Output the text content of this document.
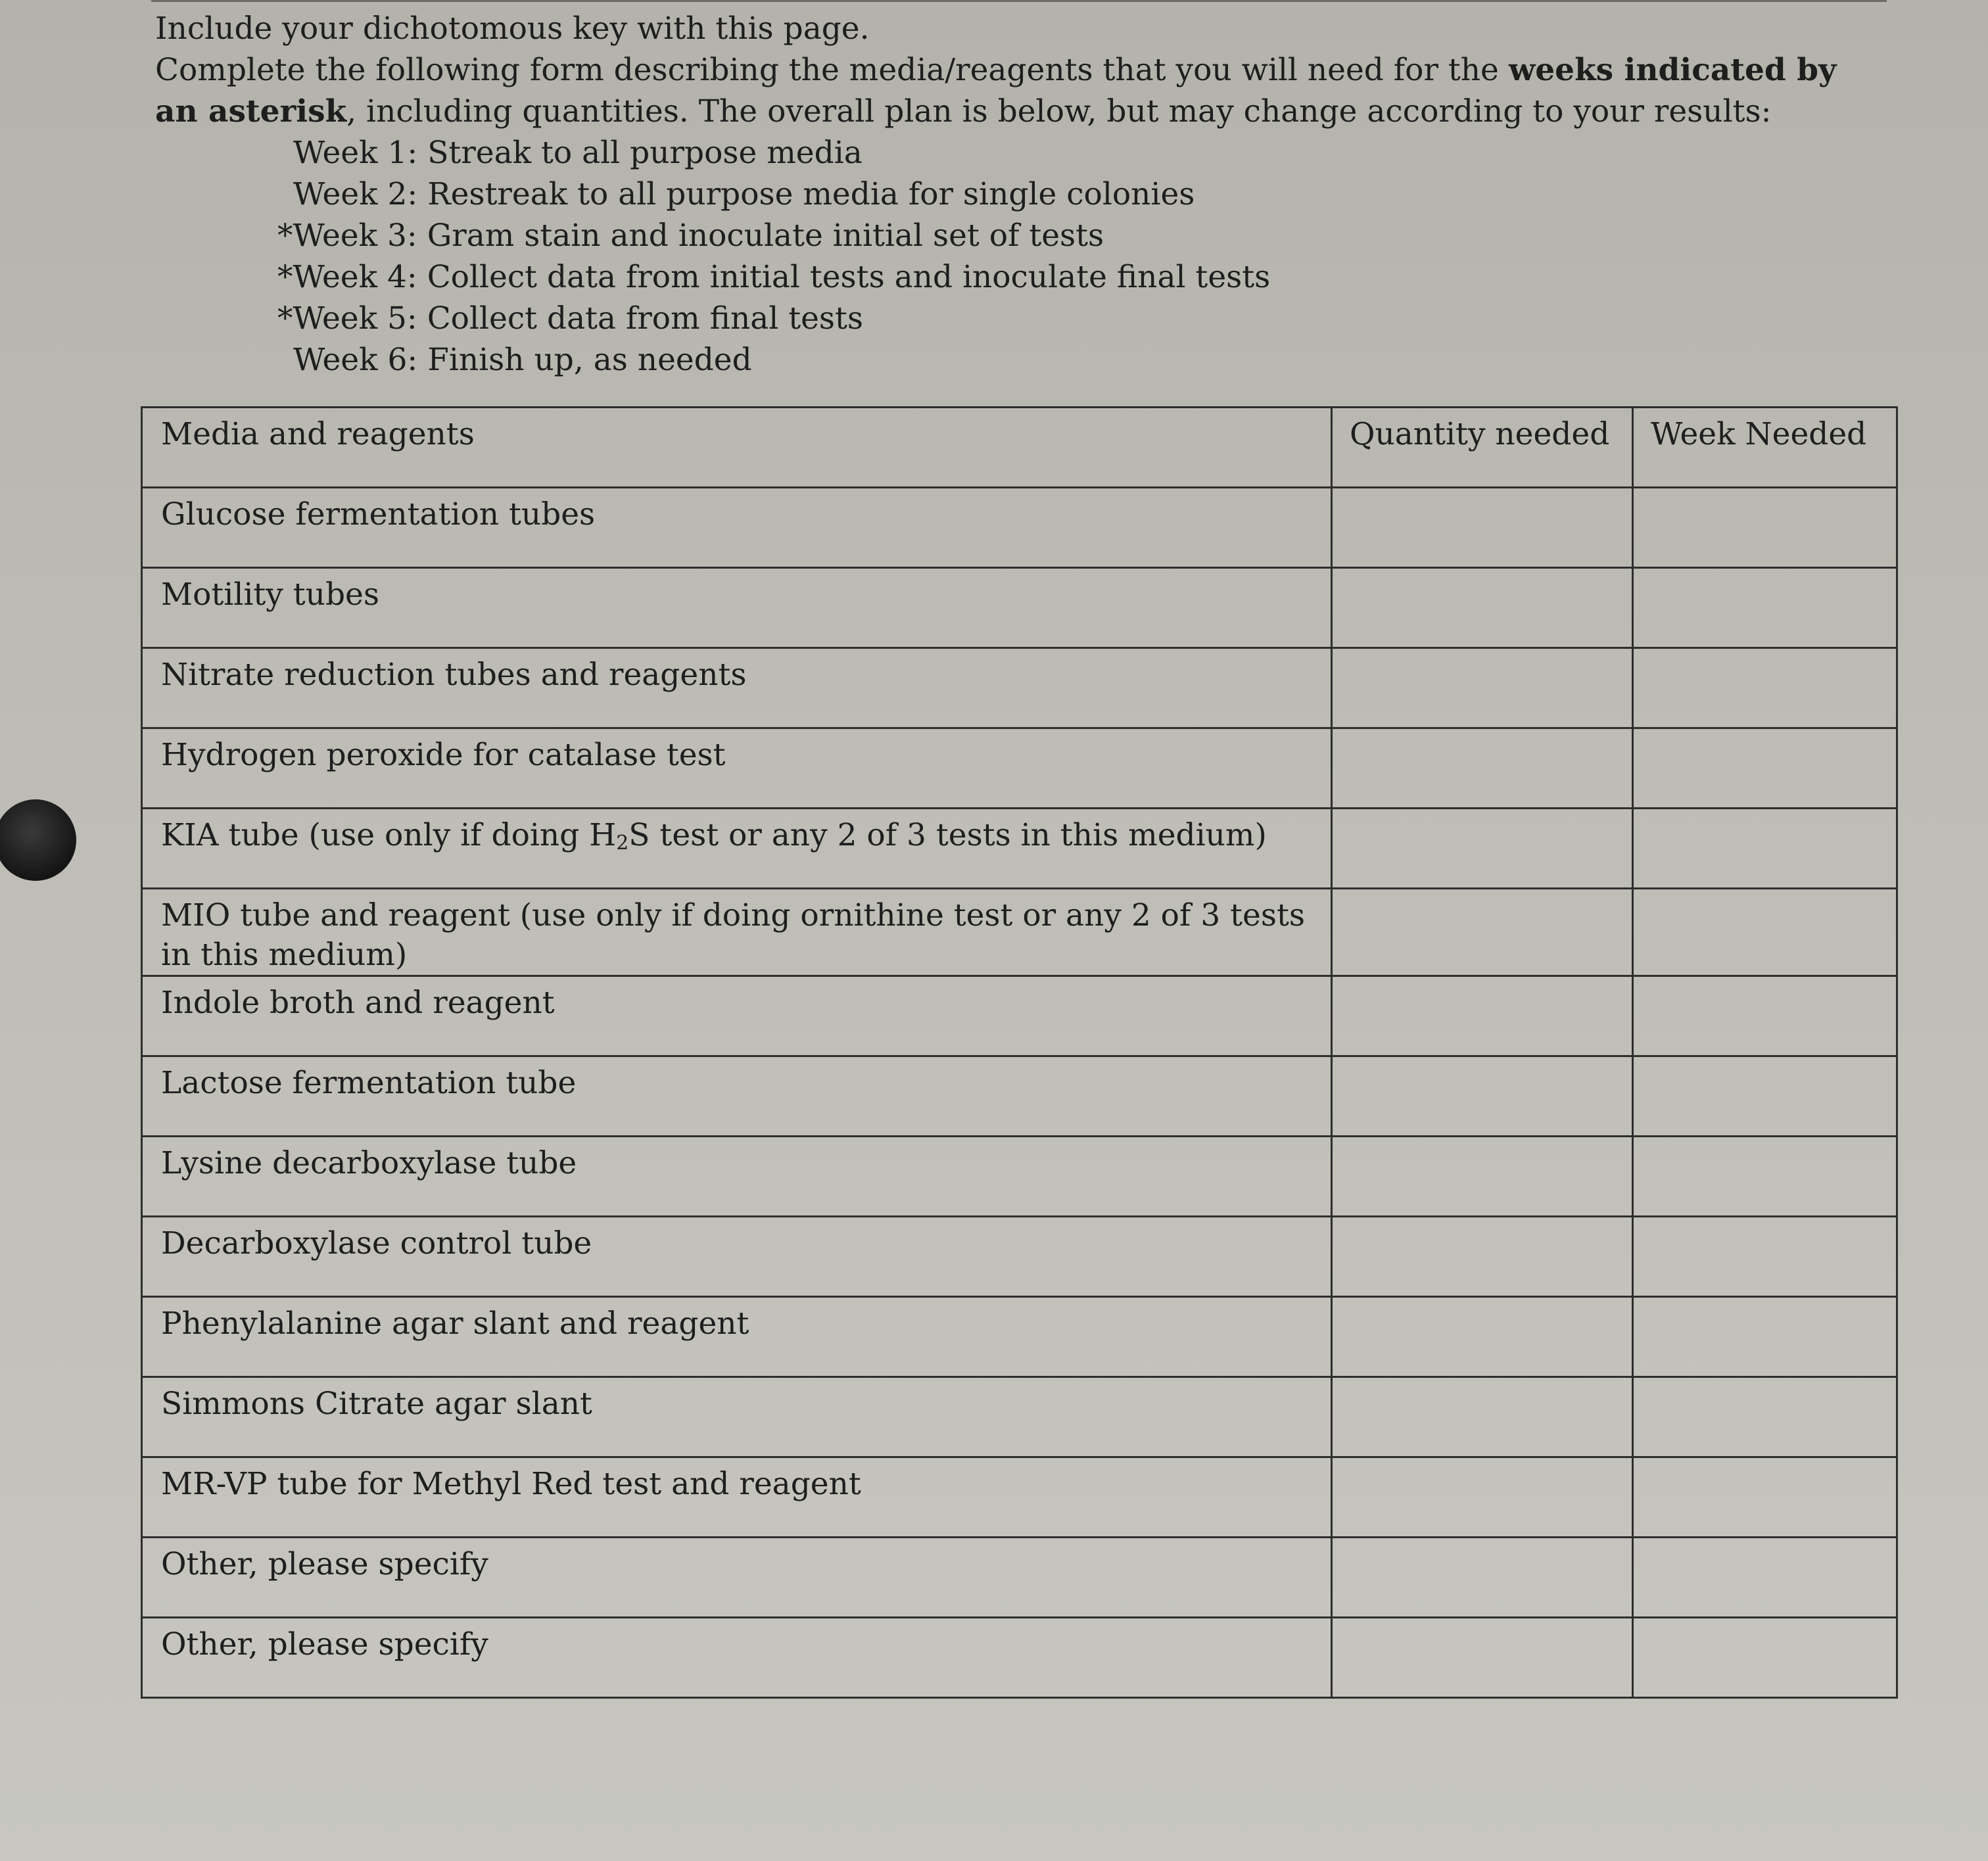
Include your dichotomous key with this page.

Complete the following form describing the media/reagents that you will need for the weeks indicated by an asterisk, including quantities. The overall plan is below, but may change according to your results:

Week 1: Streak to all purpose media
Week 2: Restreak to all purpose media for single colonies
*Week 3: Gram stain and inoculate initial set of tests
*Week 4: Collect data from initial tests and inoculate final tests
*Week 5: Collect data from final tests
Week 6: Finish up, as needed
Media and reagents	Quantity needed	Week Needed
Glucose fermentation tubes		
Motility tubes		
Nitrate reduction tubes and reagents		
Hydrogen peroxide for catalase test		
KIA tube (use only if doing $H_2S$ test or any 2 of 3 tests in this medium)		
MIO tube and reagent (use only if doing ornithine test or any 2 of 3 tests in this medium)		
Indole broth and reagent		
Lactose fermentation tube		
Lysine decarboxylase tube		
Decarboxylase control tube		
Phenylalanine agar slant and reagent		
Simmons Citrate agar slant		
MR-VP tube for Methyl Red test and reagent		
Other, please specify		
Other, please specify		
